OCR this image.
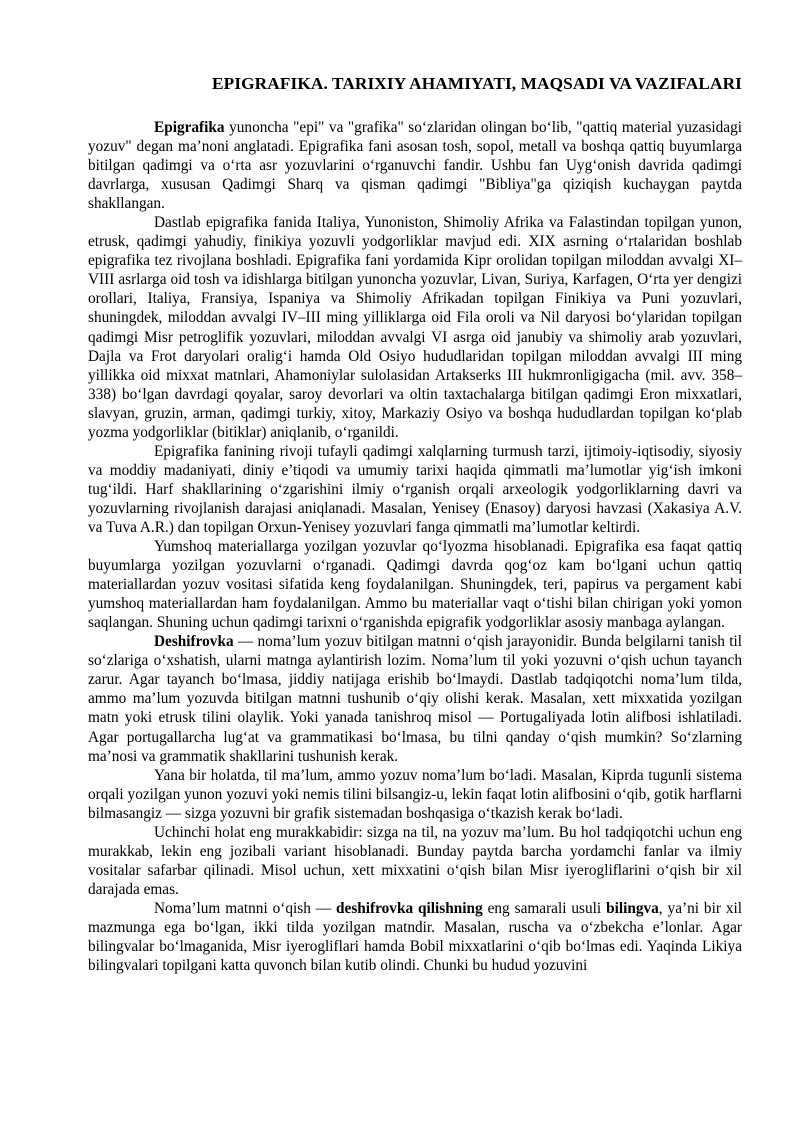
EPIGRAFIKA. TARIXIY AHAMIYATI, MAQSADI VA VAZIFALARI

Epigrafika yunoncha "epi" va "grafika" so‘zlaridan olingan bo‘lib, "qattiq material yuzasidagi yozuv" degan ma’noni anglatadi. Epigrafika fani asosan tosh, sopol, metall va boshqa qattiq buyumlarga bitilgan qadimgi va o‘rta asr yozuvlarini o‘rganuvchi fandir. Ushbu fan Uyg‘onish davrida qadimgi davrlarga, xususan Qadimgi Sharq va qisman qadimgi "Bibliya"ga qiziqish kuchaygan paytda shakllangan.

Dastlab epigrafika fanida Italiya, Yunoniston, Shimoliy Afrika va Falastindan topilgan yunon, etrusk, qadimgi yahudiy, finikiya yozuvli yodgorliklar mavjud edi. XIX asrning o‘rtalaridan boshlab epigrafika tez rivojlana boshladi. Epigrafika fani yordamida Kipr orolidan topilgan miloddan avvalgi XI–VIII asrlarga oid tosh va idishlarga bitilgan yunoncha yozuvlar, Livan, Suriya, Karfagen, O‘rta yer dengizi orollari, Italiya, Fransiya, Ispaniya va Shimoliy Afrikadan topilgan Finikiya va Puni yozuvlari, shuningdek, miloddan avvalgi IV–III ming yilliklarga oid Fila oroli va Nil daryosi bo‘ylaridan topilgan qadimgi Misr petroglifik yozuvlari, miloddan avvalgi VI asrga oid janubiy va shimoliy arab yozuvlari, Dajla va Frot daryolari oralig‘i hamda Old Osiyo hududlaridan topilgan miloddan avvalgi III ming yillikka oid mixxat matnlari, Ahamoniylar sulolasidan Artakserks III hukmronligigacha (mil. avv. 358–338) bo‘lgan davrdagi qoyalar, saroy devorlari va oltin taxtachalarga bitilgan qadimgi Eron mixxatlari, slavyan, gruzin, arman, qadimgi turkiy, xitoy, Markaziy Osiyo va boshqa hududlardan topilgan ko‘plab yozma yodgorliklar (bitiklar) aniqlanib, o‘rganildi.

Epigrafika fanining rivoji tufayli qadimgi xalqlarning turmush tarzi, ijtimoiy-iqtisodiy, siyosiy va moddiy madaniyati, diniy e’tiqodi va umumiy tarixi haqida qimmatli ma’lumotlar yig‘ish imkoni tug‘ildi. Harf shakllarining o‘zgarishini ilmiy o‘rganish orqali arxeologik yodgorliklarning davri va yozuvlarning rivojlanish darajasi aniqlanadi. Masalan, Yenisey (Enasoy) daryosi havzasi (Xakasiya A.V. va Tuva A.R.) dan topilgan Orxun-Yenisey yozuvlari fanga qimmatli ma’lumotlar keltirdi.

Yumshoq materiallarga yozilgan yozuvlar qo‘lyozma hisoblanadi. Epigrafika esa faqat qattiq buyumlarga yozilgan yozuvlarni o‘rganadi. Qadimgi davrda qog‘oz kam bo‘lgani uchun qattiq materiallardan yozuv vositasi sifatida keng foydalanilgan. Shuningdek, teri, papirus va pergament kabi yumshoq materiallardan ham foydalanilgan. Ammo bu materiallar vaqt o‘tishi bilan chirigan yoki yomon saqlangan. Shuning uchun qadimgi tarixni o‘rganishda epigrafik yodgorliklar asosiy manbaga aylangan.

Deshifrovka — noma’lum yozuv bitilgan matnni o‘qish jarayonidir. Bunda belgilarni tanish til so‘zlariga o‘xshatish, ularni matnga aylantirish lozim. Noma’lum til yoki yozuvni o‘qish uchun tayanch zarur. Agar tayanch bo‘lmasa, jiddiy natijaga erishib bo‘lmaydi. Dastlab tadqiqotchi noma’lum tilda, ammo ma’lum yozuvda bitilgan matnni tushunib o‘qiy olishi kerak. Masalan, xett mixxatida yozilgan matn yoki etrusk tilini olaylik. Yoki yanada tanishroq misol — Portugaliyada lotin alifbosi ishlatiladi. Agar portugallarcha lug‘at va grammatikasi bo‘lmasa, bu tilni qanday o‘qish mumkin? So‘zlarning ma’nosi va grammatik shakllarini tushunish kerak.

Yana bir holatda, til ma’lum, ammo yozuv noma’lum bo‘ladi. Masalan, Kiprda tugunli sistema orqali yozilgan yunon yozuvi yoki nemis tilini bilsangiz-u, lekin faqat lotin alifbosini o‘qib, gotik harflarni bilmasangiz — sizga yozuvni bir grafik sistemadan boshqasiga o‘tkazish kerak bo‘ladi.

Uchinchi holat eng murakkabidir: sizga na til, na yozuv ma’lum. Bu hol tadqiqotchi uchun eng murakkab, lekin eng jozibali variant hisoblanadi. Bunday paytda barcha yordamchi fanlar va ilmiy vositalar safarbar qilinadi. Misol uchun, xett mixxatini o‘qish bilan Misr iyerogliflarini o‘qish bir xil darajada emas.

Noma’lum matnni o‘qish — deshifrovka qilishning eng samarali usuli bilingva, ya’ni bir xil mazmunga ega bo‘lgan, ikki tilda yozilgan matndir. Masalan, ruscha va o‘zbekcha e’lonlar. Agar bilingvalar bo‘lmaganida, Misr iyerogliflari hamda Bobil mixxatlarini o‘qib bo‘lmas edi. Yaqinda Likiya bilingvalari topilgani katta quvonch bilan kutib olindi. Chunki bu hudud yozuvini
